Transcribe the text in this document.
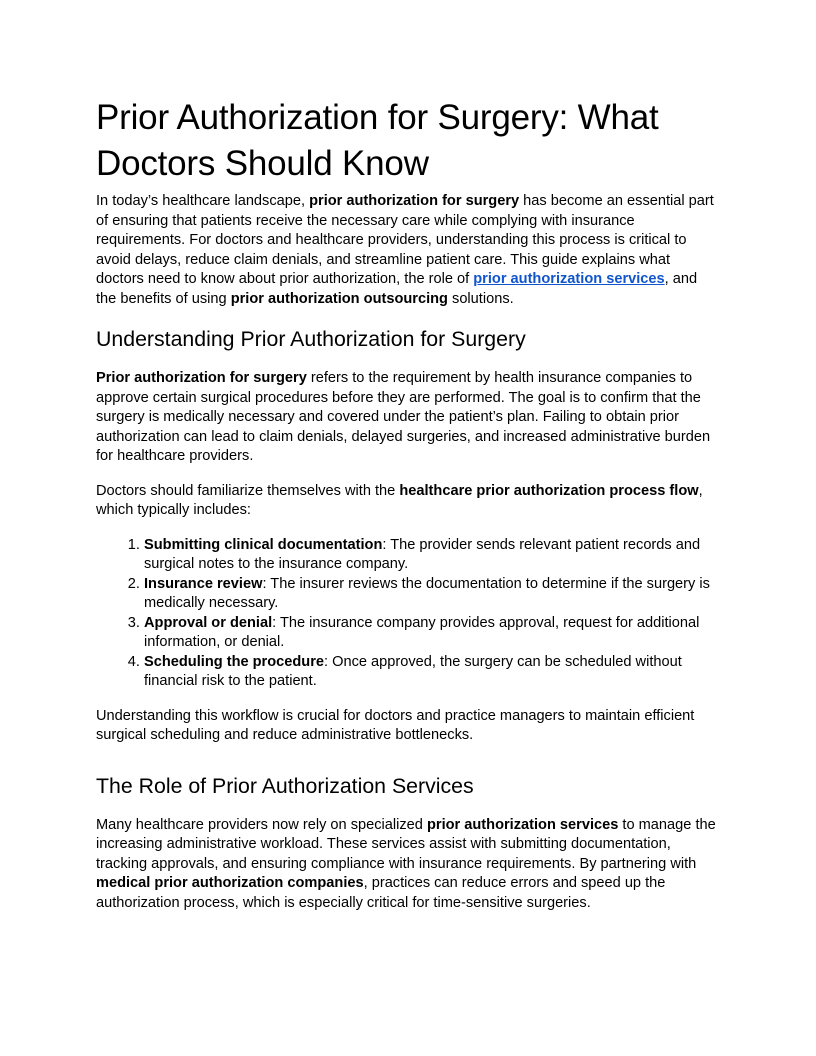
Prior Authorization for Surgery: What Doctors Should Know

In today’s healthcare landscape, prior authorization for surgery has become an essential part of ensuring that patients receive the necessary care while complying with insurance requirements. For doctors and healthcare providers, understanding this process is critical to avoid delays, reduce claim denials, and streamline patient care. This guide explains what doctors need to know about prior authorization, the role of prior authorization services, and the benefits of using prior authorization outsourcing solutions.

Understanding Prior Authorization for Surgery

Prior authorization for surgery refers to the requirement by health insurance companies to approve certain surgical procedures before they are performed. The goal is to confirm that the surgery is medically necessary and covered under the patient’s plan. Failing to obtain prior authorization can lead to claim denials, delayed surgeries, and increased administrative burden for healthcare providers.

Doctors should familiarize themselves with the healthcare prior authorization process flow, which typically includes:

1. Submitting clinical documentation: The provider sends relevant patient records and surgical notes to the insurance company.
2. Insurance review: The insurer reviews the documentation to determine if the surgery is medically necessary.
3. Approval or denial: The insurance company provides approval, request for additional information, or denial.
4. Scheduling the procedure: Once approved, the surgery can be scheduled without financial risk to the patient.

Understanding this workflow is crucial for doctors and practice managers to maintain efficient surgical scheduling and reduce administrative bottlenecks.

The Role of Prior Authorization Services

Many healthcare providers now rely on specialized prior authorization services to manage the increasing administrative workload. These services assist with submitting documentation, tracking approvals, and ensuring compliance with insurance requirements. By partnering with medical prior authorization companies, practices can reduce errors and speed up the authorization process, which is especially critical for time-sensitive surgeries.
